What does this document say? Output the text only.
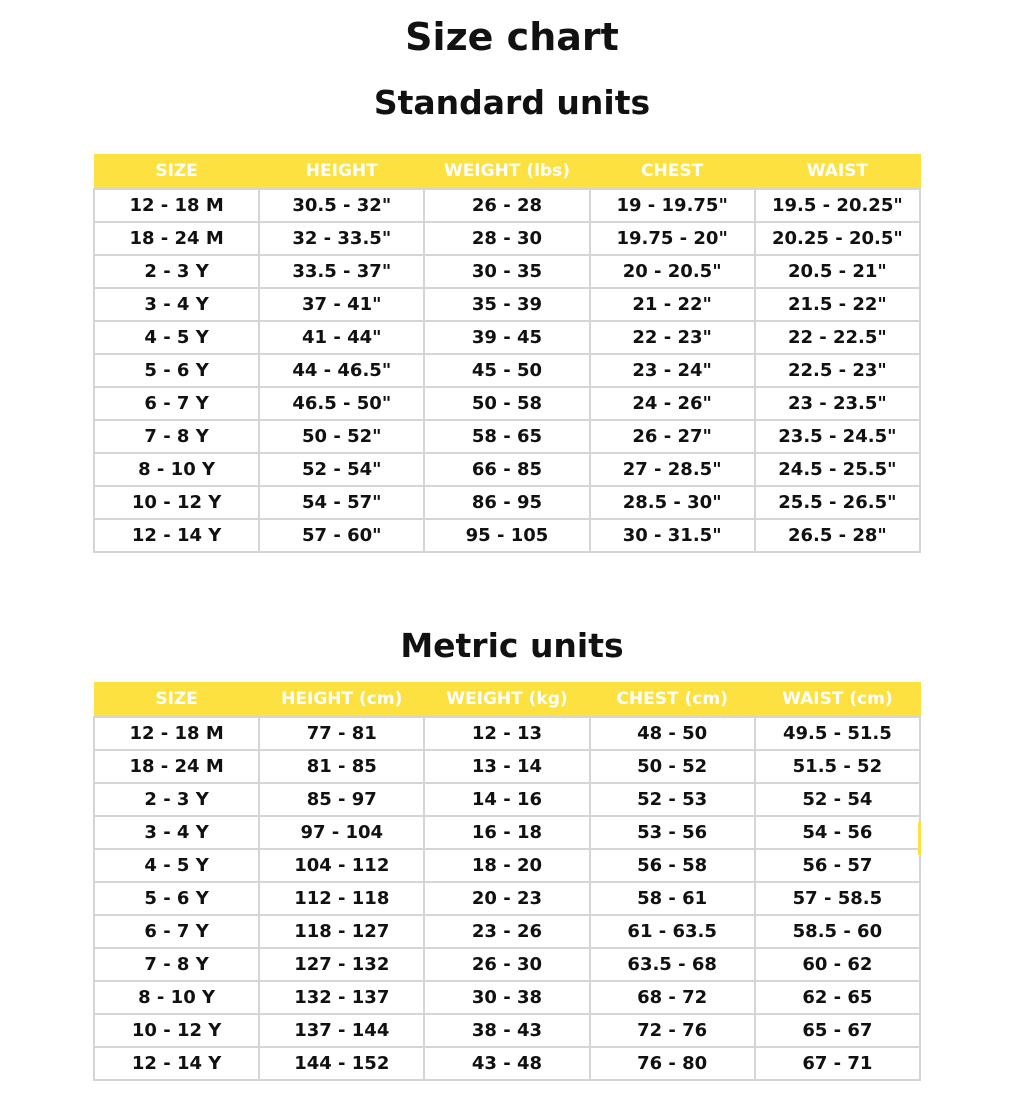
Size chart
Standard units
SIZE	HEIGHT	WEIGHT (lbs)	CHEST	WAIST
12 - 18 M	30.5 - 32"	26 - 28	19 - 19.75"	19.5 - 20.25"
18 - 24 M	32 - 33.5"	28 - 30	19.75 - 20"	20.25 - 20.5"
2 - 3 Y	33.5 - 37"	30 - 35	20 - 20.5"	20.5 - 21"
3 - 4 Y	37 - 41"	35 - 39	21 - 22"	21.5 - 22"
4 - 5 Y	41 - 44"	39 - 45	22 - 23"	22 - 22.5"
5 - 6 Y	44 - 46.5"	45 - 50	23 - 24"	22.5 - 23"
6 - 7 Y	46.5 - 50"	50 - 58	24 - 26"	23 - 23.5"
7 - 8 Y	50 - 52"	58 - 65	26 - 27"	23.5 - 24.5"
8 - 10 Y	52 - 54"	66 - 85	27 - 28.5"	24.5 - 25.5"
10 - 12 Y	54 - 57"	86 - 95	28.5 - 30"	25.5 - 26.5"
12 - 14 Y	57 - 60"	95 - 105	30 - 31.5"	26.5 - 28"
Metric units
SIZE	HEIGHT (cm)	WEIGHT (kg)	CHEST (cm)	WAIST (cm)
12 - 18 M	77 - 81	12 - 13	48 - 50	49.5 - 51.5
18 - 24 M	81 - 85	13 - 14	50 - 52	51.5 - 52
2 - 3 Y	85 - 97	14 - 16	52 - 53	52 - 54
3 - 4 Y	97 - 104	16 - 18	53 - 56	54 - 56
4 - 5 Y	104 - 112	18 - 20	56 - 58	56 - 57
5 - 6 Y	112 - 118	20 - 23	58 - 61	57 - 58.5
6 - 7 Y	118 - 127	23 - 26	61 - 63.5	58.5 - 60
7 - 8 Y	127 - 132	26 - 30	63.5 - 68	60 - 62
8 - 10 Y	132 - 137	30 - 38	68 - 72	62 - 65
10 - 12 Y	137 - 144	38 - 43	72 - 76	65 - 67
12 - 14 Y	144 - 152	43 - 48	76 - 80	67 - 71
